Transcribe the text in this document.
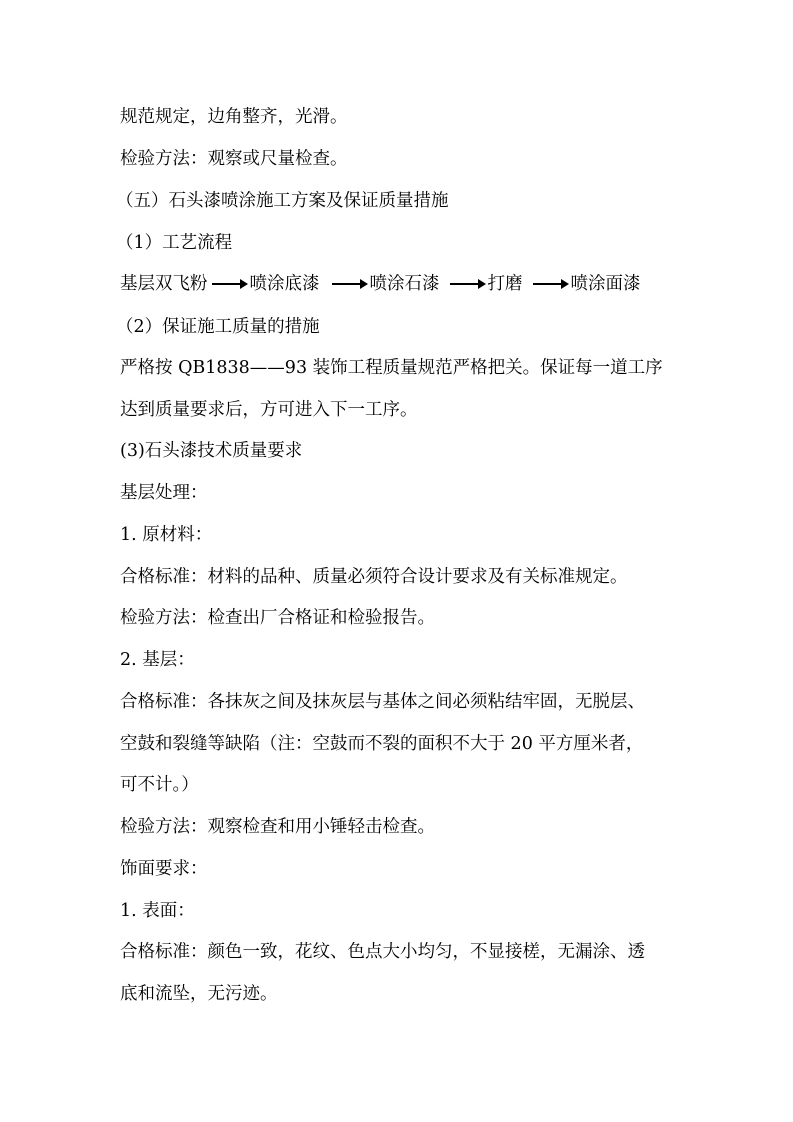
规范规定，边角整齐，光滑。
检验方法：观察或尺量检查。
（五）石头漆喷涂施工方案及保证质量措施
（1）工艺流程
基层双飞粉 喷涂底漆	喷涂石漆	打磨	喷涂面漆
（2）保证施工质量的措施
严格按 QB1838——93 装饰工程质量规范严格把关。保证每一道工序
达到质量要求后，方可进入下一工序。
(3)石头漆技术质量要求
基层处理：
1. 原材料：
合格标准：材料的品种、质量必须符合设计要求及有关标准规定。
检验方法：检查出厂合格证和检验报告。
2. 基层：
合格标准：各抹灰之间及抹灰层与基体之间必须粘结牢固，无脱层、
空鼓和裂缝等缺陷（注：空鼓而不裂的面积不大于 20 平方厘米者，
可不计。）
检验方法：观察检查和用小锤轻击检查。
饰面要求：
1. 表面：
合格标准：颜色一致，花纹、色点大小均匀，不显接槎，无漏涂、透
底和流坠，无污迹。
